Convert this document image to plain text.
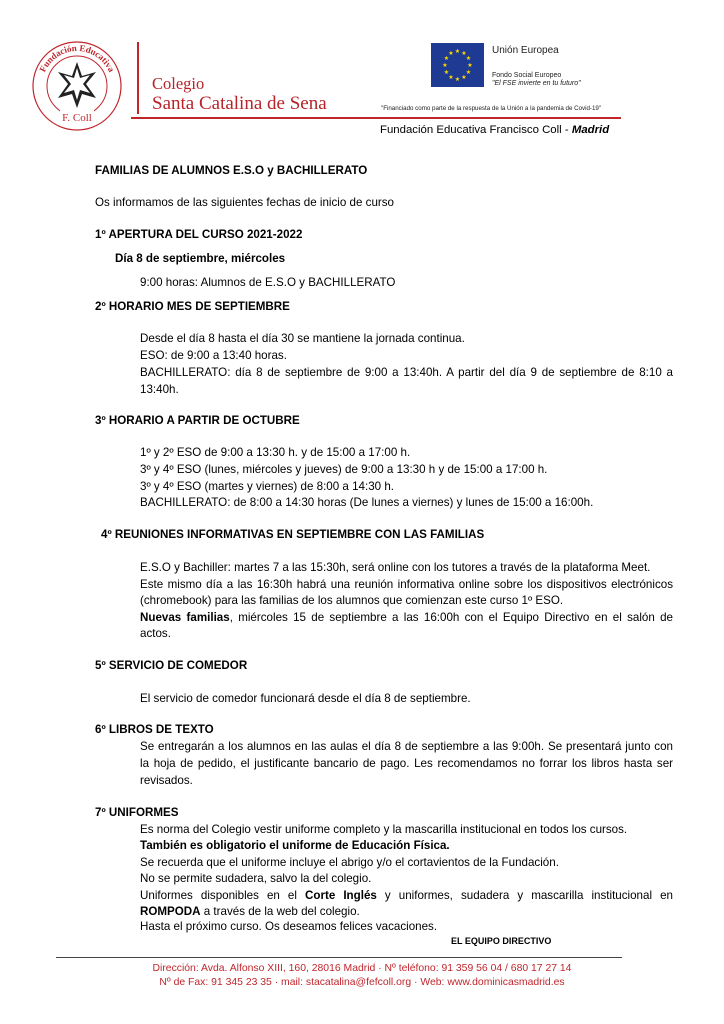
Fundación Educativa
F. Coll
Colegio
Santa Catalina de Sena
★ ★
★
★
★
★
★
★
★
★
★
★	Unión Europea
Fondo Social Europeo
"El FSE invierte en tu futuro"
"Financiado como parte de la respuesta de la Unión a la pandemia de Covid-19"
Fundación Educativa Francisco Coll - Madrid
FAMILIAS DE ALUMNOS E.S.O y BACHILLERATO
Os informamos de las siguientes fechas de inicio de curso
1º APERTURA DEL CURSO 2021-2022
Día 8 de septiembre, miércoles
9:00 horas: Alumnos de E.S.O y BACHILLERATO
2º HORARIO MES DE SEPTIEMBRE
Desde el día 8 hasta el día 30 se mantiene la jornada continua.
ESO: de 9:00 a 13:40 horas.
BACHILLERATO: día 8 de septiembre de 9:00 a 13:40h. A partir del día 9 de septiembre de 8:10 a
13:40h.
3º HORARIO A PARTIR DE OCTUBRE
1º y 2º ESO de 9:00 a 13:30 h. y de 15:00 a 17:00 h.
3º y 4º ESO (lunes, miércoles y jueves) de 9:00 a 13:30 h y de 15:00 a 17:00 h.
3º y 4º ESO (martes y viernes) de 8:00 a 14:30 h.
BACHILLERATO: de 8:00 a 14:30 horas (De lunes a viernes) y lunes de 15:00 a 16:00h.
4º REUNIONES INFORMATIVAS EN SEPTIEMBRE CON LAS FAMILIAS
E.S.O y Bachiller: martes 7 a las 15:30h, será online con los tutores a través de la plataforma Meet.
Este mismo día a las 16:30h habrá una reunión informativa online sobre los dispositivos electrónicos
(chromebook) para las familias de los alumnos que comienzan este curso 1º ESO.
Nuevas familias, miércoles 15 de septiembre a las 16:00h con el Equipo Directivo en el salón de
actos.
5º SERVICIO DE COMEDOR
El servicio de comedor funcionará desde el día 8 de septiembre.
6º LIBROS DE TEXTO
Se entregarán a los alumnos en las aulas el día 8 de septiembre a las 9:00h. Se presentará junto con
la hoja de pedido, el justificante bancario de pago. Les recomendamos no forrar los libros hasta ser
revisados.
7º UNIFORMES
Es norma del Colegio vestir uniforme completo y la mascarilla institucional en todos los cursos.
También es obligatorio el uniforme de Educación Física.
Se recuerda que el uniforme incluye el abrigo y/o el cortavientos de la Fundación.
No se permite sudadera, salvo la del colegio.
Uniformes disponibles en el Corte Inglés y uniformes, sudadera y mascarilla institucional en
ROMPODA a través de la web del colegio.
Hasta el próximo curso. Os deseamos felices vacaciones.
EL EQUIPO DIRECTIVO
Dirección: Avda. Alfonso XIII, 160, 28016 Madrid · Nº teléfono: 91 359 56 04 / 680 17 27 14
Nº de Fax: 91 345 23 35 · mail: stacatalina@fefcoll.org · Web: www.dominicasmadrid.es
